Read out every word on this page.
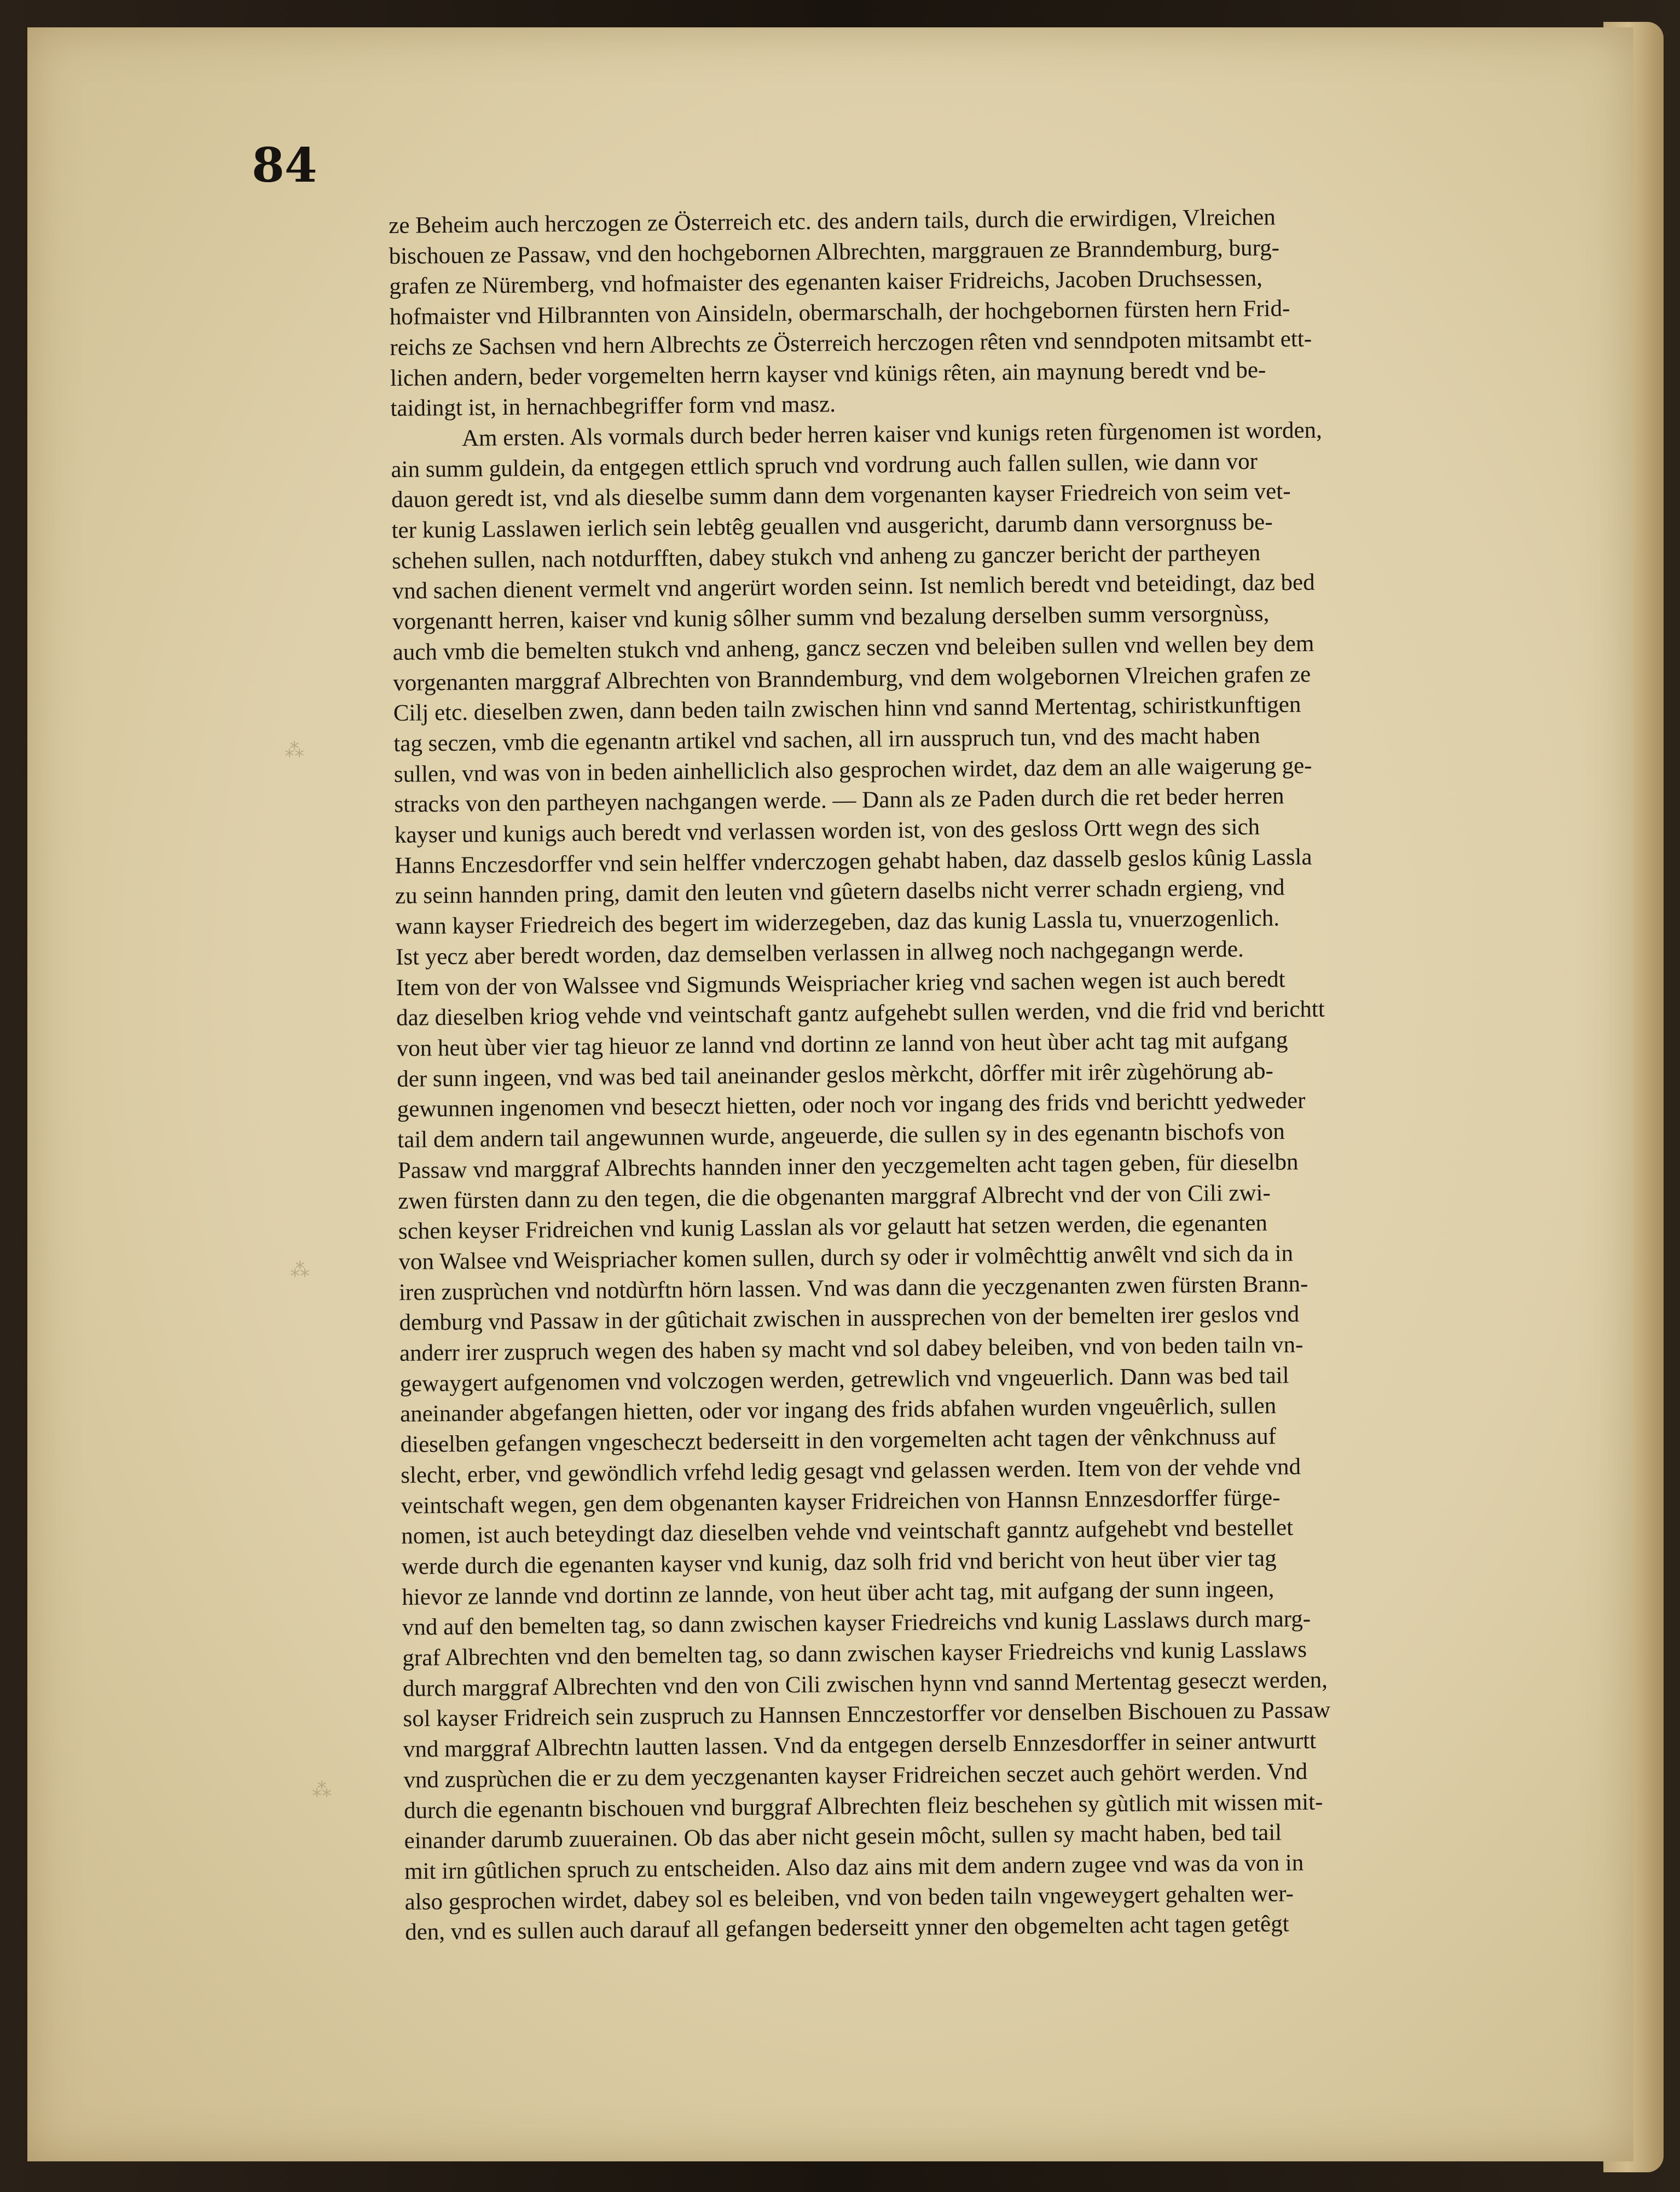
84
⁂
⁂
⁂
ze Beheim auch herczogen ze Österreich etc. des andern tails, durch die erwirdigen, Vlreichen
bischouen ze Passaw, vnd den hochgebornen Albrechten, marggrauen ze Branndemburg, burg-
grafen ze Nüremberg, vnd hofmaister des egenanten kaiser Fridreichs, Jacoben Druchsessen,
hofmaister vnd Hilbrannten von Ainsideln, obermarschalh, der hochgebornen fürsten hern Frid-
reichs ze Sachsen vnd hern Albrechts ze Österreich herczogen rêten vnd senndpoten mitsambt ett-
lichen andern, beder vorgemelten herrn kayser vnd künigs rêten, ain maynung beredt vnd be-
taidingt ist, in hernachbegriffer form vnd masz.
Am ersten. Als vormals durch beder herren kaiser vnd kunigs reten fùrgenomen ist worden,
ain summ guldein, da entgegen ettlich spruch vnd vordrung auch fallen sullen, wie dann vor
dauon geredt ist, vnd als dieselbe summ dann dem vorgenanten kayser Friedreich von seim vet-
ter kunig Lasslawen ierlich sein lebtêg geuallen vnd ausgericht, darumb dann versorgnuss be-
schehen sullen, nach notdurfften, dabey stukch vnd anheng zu ganczer bericht der partheyen
vnd sachen dienent vermelt vnd angerürt worden seinn. Ist nemlich beredt vnd beteidingt, daz bed
vorgenantt herren, kaiser vnd kunig sôlher summ vnd bezalung derselben summ versorgnùss,
auch vmb die bemelten stukch vnd anheng, gancz seczen vnd beleiben sullen vnd wellen bey dem
vorgenanten marggraf Albrechten von Branndemburg, vnd dem wolgebornen Vlreichen grafen ze
Cilj etc. dieselben zwen, dann beden tailn zwischen hinn vnd sannd Mertentag, schiristkunftigen
tag seczen, vmb die egenantn artikel vnd sachen, all irn ausspruch tun, vnd des macht haben
sullen, vnd was von in beden ainhelliclich also gesprochen wirdet, daz dem an alle waigerung ge-
stracks von den partheyen nachgangen werde. — Dann als ze Paden durch die ret beder herren
kayser und kunigs auch beredt vnd verlassen worden ist, von des gesloss Ortt wegn des sich
Hanns Enczesdorffer vnd sein helffer vnderczogen gehabt haben, daz dasselb geslos kûnig Lassla
zu seinn hannden pring, damit den leuten vnd gûetern daselbs nicht verrer schadn ergieng, vnd
wann kayser Friedreich des begert im widerzegeben, daz das kunig Lassla tu, vnuerzogenlich.
Ist yecz aber beredt worden, daz demselben verlassen in allweg noch nachgegangn werde.
Item von der von Walssee vnd Sigmunds Weispriacher krieg vnd sachen wegen ist auch beredt
daz dieselben kriog vehde vnd veintschaft gantz aufgehebt sullen werden, vnd die frid vnd berichtt
von heut ùber vier tag hieuor ze lannd vnd dortinn ze lannd von heut ùber acht tag mit aufgang
der sunn ingeen, vnd was bed tail aneinander geslos mèrkcht, dôrffer mit irêr zùgehörung ab-
gewunnen ingenomen vnd beseczt hietten, oder noch vor ingang des frids vnd berichtt yedweder
tail dem andern tail angewunnen wurde, angeuerde, die sullen sy in des egenantn bischofs von
Passaw vnd marggraf Albrechts hannden inner den yeczgemelten acht tagen geben, für dieselbn
zwen fürsten dann zu den tegen, die die obgenanten marggraf Albrecht vnd der von Cili zwi-
schen keyser Fridreichen vnd kunig Lasslan als vor gelautt hat setzen werden, die egenanten
von Walsee vnd Weispriacher komen sullen, durch sy oder ir volmêchttig anwêlt vnd sich da in
iren zusprùchen vnd notdùrftn hörn lassen. Vnd was dann die yeczgenanten zwen fürsten Brann-
demburg vnd Passaw in der gûtichait zwischen in aussprechen von der bemelten irer geslos vnd
anderr irer zuspruch wegen des haben sy macht vnd sol dabey beleiben, vnd von beden tailn vn-
gewaygert aufgenomen vnd volczogen werden, getrewlich vnd vngeuerlich. Dann was bed tail
aneinander abgefangen hietten, oder vor ingang des frids abfahen wurden vngeuêrlich, sullen
dieselben gefangen vngescheczt bederseitt in den vorgemelten acht tagen der vênkchnuss auf
slecht, erber, vnd gewöndlich vrfehd ledig gesagt vnd gelassen werden. Item von der vehde vnd
veintschaft wegen, gen dem obgenanten kayser Fridreichen von Hannsn Ennzesdorffer fürge-
nomen, ist auch beteydingt daz dieselben vehde vnd veintschaft ganntz aufgehebt vnd bestellet
werde durch die egenanten kayser vnd kunig, daz solh frid vnd bericht von heut über vier tag
hievor ze lannde vnd dortinn ze lannde, von heut über acht tag, mit aufgang der sunn ingeen,
vnd auf den bemelten tag, so dann zwischen kayser Friedreichs vnd kunig Lasslaws durch marg-
graf Albrechten vnd den bemelten tag, so dann zwischen kayser Friedreichs vnd kunig Lasslaws
durch marggraf Albrechten vnd den von Cili zwischen hynn vnd sannd Mertentag geseczt werden,
sol kayser Fridreich sein zuspruch zu Hannsen Ennczestorffer vor denselben Bischouen zu Passaw
vnd marggraf Albrechtn lautten lassen. Vnd da entgegen derselb Ennzesdorffer in seiner antwurtt
vnd zusprùchen die er zu dem yeczgenanten kayser Fridreichen seczet auch gehört werden. Vnd
durch die egenantn bischouen vnd burggraf Albrechten fleiz beschehen sy gùtlich mit wissen mit-
einander darumb zuuerainen. Ob das aber nicht gesein môcht, sullen sy macht haben, bed tail
mit irn gûtlichen spruch zu entscheiden. Also daz ains mit dem andern zugee vnd was da von in
also gesprochen wirdet, dabey sol es beleiben, vnd von beden tailn vngeweygert gehalten wer-
den, vnd es sullen auch darauf all gefangen bederseitt ynner den obgemelten acht tagen getêgt
